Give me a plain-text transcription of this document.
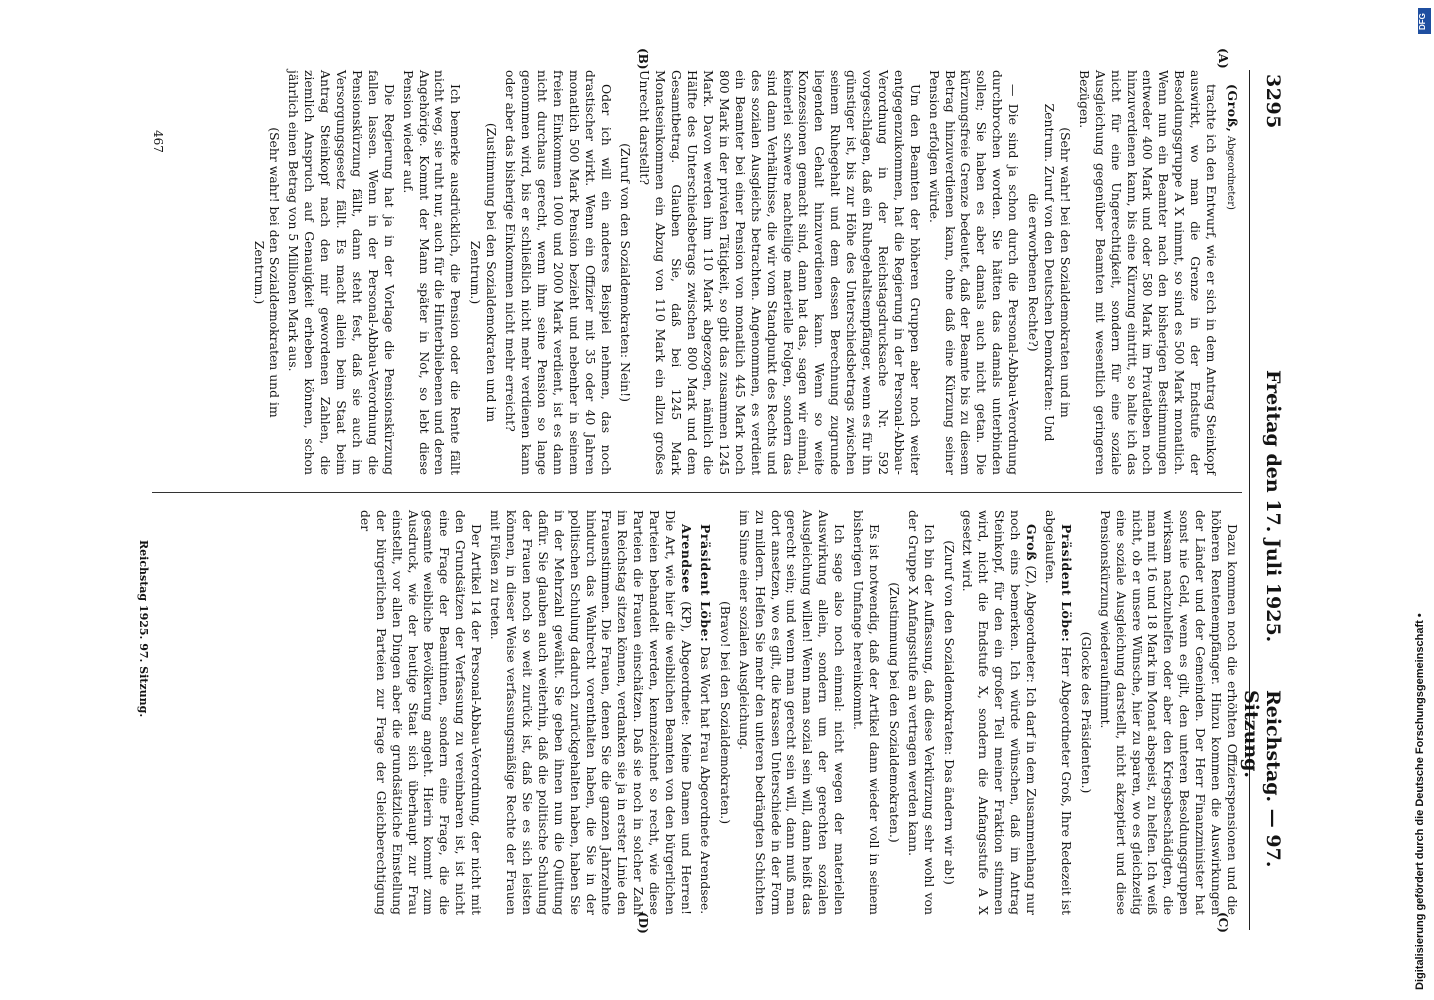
3295
Freitag den 17. Juli 1925.
Reichstag. — 97. Sitzung.

(Groß, Abgeordneter)

trachte ich den Entwurf, wie er sich in dem Antrag Steinkopf auswirkt, wo man die Grenze in der Endstufe der Besoldungsgruppe A X nimmt, so sind es 500 Mark monatlich. Wenn nun ein Beamter nach den bisherigen Bestimmungen entweder 400 Mark und oder 580 Mark im Privatleben noch hinzuverdienen kann, bis eine Kürzung eintritt, so halte ich das nicht für eine Ungerechtigkeit, sondern für eine soziale Ausgleichung gegenüber Beamten mit wesentlich geringeren Bezügen.

(Sehr wahr! bei den Sozialdemokraten und im Zentrum. Zuruf von den Deutschen Demokraten: Und die erworbenen Rechte?)

— Die sind ja schon durch die Personal-Abbau-Verordnung durchbrochen worden. Sie hätten das damals unterbinden sollen; Sie haben es aber damals auch nicht getan. Die kürzungsfreie Grenze bedeutet, daß der Beamte bis zu diesem Betrag hinzuverdienen kann, ohne daß eine Kürzung seiner Pension erfolgen würde.

Um den Beamten der höheren Gruppen aber noch weiter entgegenzukommen, hat die Regierung in der Personal-Abbau-Verordnung in der Reichstagsdrucksache Nr. 592 vorgeschlagen, daß ein Ruhegehaltsempfänger, wenn es für ihn günstiger ist, bis zur Höhe des Unterschiedsbetrags zwischen seinem Ruhegehalt und dem dessen Berechnung zugrunde liegenden Gehalt hinzuverdienen kann. Wenn so weite Konzessionen gemacht sind, dann hat das, sagen wir einmal, keinerlei schwere nachteilige materielle Folgen, sondern das sind dann Verhältnisse, die wir vom Standpunkt des Rechts und des sozialen Ausgleichs betrachten. Angenommen, es verdient ein Beamter bei einer Pension von monatlich 445 Mark noch 800 Mark in der privaten Tätigkeit, so gibt das zusammen 1245 Mark. Davon werden ihm 110 Mark abgezogen, nämlich die Hälfte des Unterschiedsbetrags zwischen 800 Mark und dem Gesamtbetrag. Glauben Sie, daß bei 1245 Mark Monatseinkommen ein Abzug von 110 Mark ein allzu großes Unrecht darstellt?

(Zuruf von den Sozialdemokraten: Nein!)

Oder ich will ein anderes Beispiel nehmen, das noch drastischer wirkt. Wenn ein Offizier mit 35 oder 40 Jahren monatlich 500 Mark Pension bezieht und nebenher in seinem freien Einkommen 1000 und 2000 Mark verdient, ist es dann nicht durchaus gerecht, wenn ihm seine Pension so lange genommen wird, bis er schließlich nicht mehr verdienen kann oder aber das bisherige Einkommen nicht mehr erreicht?

(Zustimmung bei den Sozialdemokraten und im Zentrum.)

Ich bemerke ausdrücklich, die Pension oder die Rente fällt nicht weg, sie ruht nur, auch für die Hinterbliebenen und deren Angehörige. Kommt der Mann später in Not, so lebt diese Pension wieder auf.

Die Regierung hat ja in der Vorlage die Pensionskürzung fallen lassen. Wenn in der Personal-Abbau-Verordnung die Pensionskürzung fällt, dann steht fest, daß sie auch im Versorgungsgesetz fällt. Es macht allein beim Staat beim Antrag Steinkopf nach den mir gewordenen Zahlen, die ziemlich Anspruch auf Genauigkeit erheben können, schon jährlich einen Betrag von 5 Millionen Mark aus.

(Sehr wahr! bei den Sozialdemokraten und im Zentrum.)

Dazu kommen noch die erhöhten Offizierspensionen und die höheren Rentenempfänger. Hinzu kommen die Auswirkungen der Länder und der Gemeinden. Der Herr Finanzminister hat sonst nie Geld, wenn es gilt, den unteren Besoldungsgruppen wirksam nachzuhelfen oder aber den Kriegsbeschädigten, die man mit 16 und 18 Mark im Monat abspeist, zu helfen. Ich weiß nicht, ob er unsere Wünsche, hier zu sparen, wo es gleichzeitig eine soziale Ausgleichung darstellt, nicht akzeptiert und diese Pensionskürzung wiederaufnimmt.

(Glocke des Präsidenten.)

Präsident Löbe: Herr Abgeordneter Groß, Ihre Redezeit ist abgelaufen.

Groß (Z), Abgeordneter: Ich darf in dem Zusammenhang nur noch eins bemerken. Ich würde wünschen, daß im Antrag Steinkopf, für den ein großer Teil meiner Fraktion stimmen wird, nicht die Endstufe X, sondern die Anfangsstufe A X gesetzt wird.

(Zuruf von den Sozialdemokraten: Das ändern wir ab!)

Ich bin der Auffassung, daß diese Verkürzung sehr wohl von der Gruppe X Anfangsstufe an vertragen werden kann.

(Zustimmung bei den Sozialdemokraten.)

Es ist notwendig, daß der Artikel dann wieder voll in seinem bisherigen Umfange hereinkommt.

Ich sage also noch einmal: nicht wegen der materiellen Auswirkung allein, sondern um der gerechten sozialen Ausgleichung willen! Wenn man sozial sein will, dann heißt das gerecht sein; und wenn man gerecht sein will, dann muß man dort ansetzen, wo es gilt, die krassen Unterschiede in der Form zu mildern. Helfen Sie mehr den unteren bedrängten Schichten im Sinne einer sozialen Ausgleichung.

(Bravo! bei den Sozialdemokraten.)

Präsident Löbe: Das Wort hat Frau Abgeordnete Arendsee.

Arendsee (KP), Abgeordnete: Meine Damen und Herren! Die Art, wie hier die weiblichen Beamten von den bürgerlichen Parteien behandelt werden, kennzeichnet so recht, wie diese Parteien die Frauen einschätzen. Daß sie noch in solcher Zahl im Reichstag sitzen können, verdanken sie ja in erster Linie den Frauenstimmen. Die Frauen, denen Sie die ganzen Jahrzehnte hindurch das Wahlrecht vorenthalten haben, die Sie in der politischen Schulung dadurch zurückgehalten haben, haben Sie in der Mehrzahl gewählt. Sie geben ihnen nun die Quittung dafür. Sie glauben auch weiterhin, daß die politische Schulung der Frauen noch so weit zurück ist, daß Sie es sich leisten können, in dieser Weise verfassungsmäßige Rechte der Frauen mit Füßen zu treten.

Der Artikel 14 der Personal-Abbau-Verordnung, der nicht mit den Grundsätzen der Verfassung zu vereinbaren ist, ist nicht eine Frage der Beamtinnen, sondern eine Frage, die die gesamte weibliche Bevölkerung angeht. Hierin kommt zum Ausdruck, wie der heutige Staat sich überhaupt zur Frau einstellt, vor allen Dingen aber die grundsätzliche Einstellung der bürgerlichen Parteien zur Frage der Gleichberechtigung der

467
Reichstag 1925. 97. Sitzung.
(C)
(D)
(A)
(B)
Digitalisierung gefördert durch die Deutsche Forschungsgemeinschaft •
DFG
